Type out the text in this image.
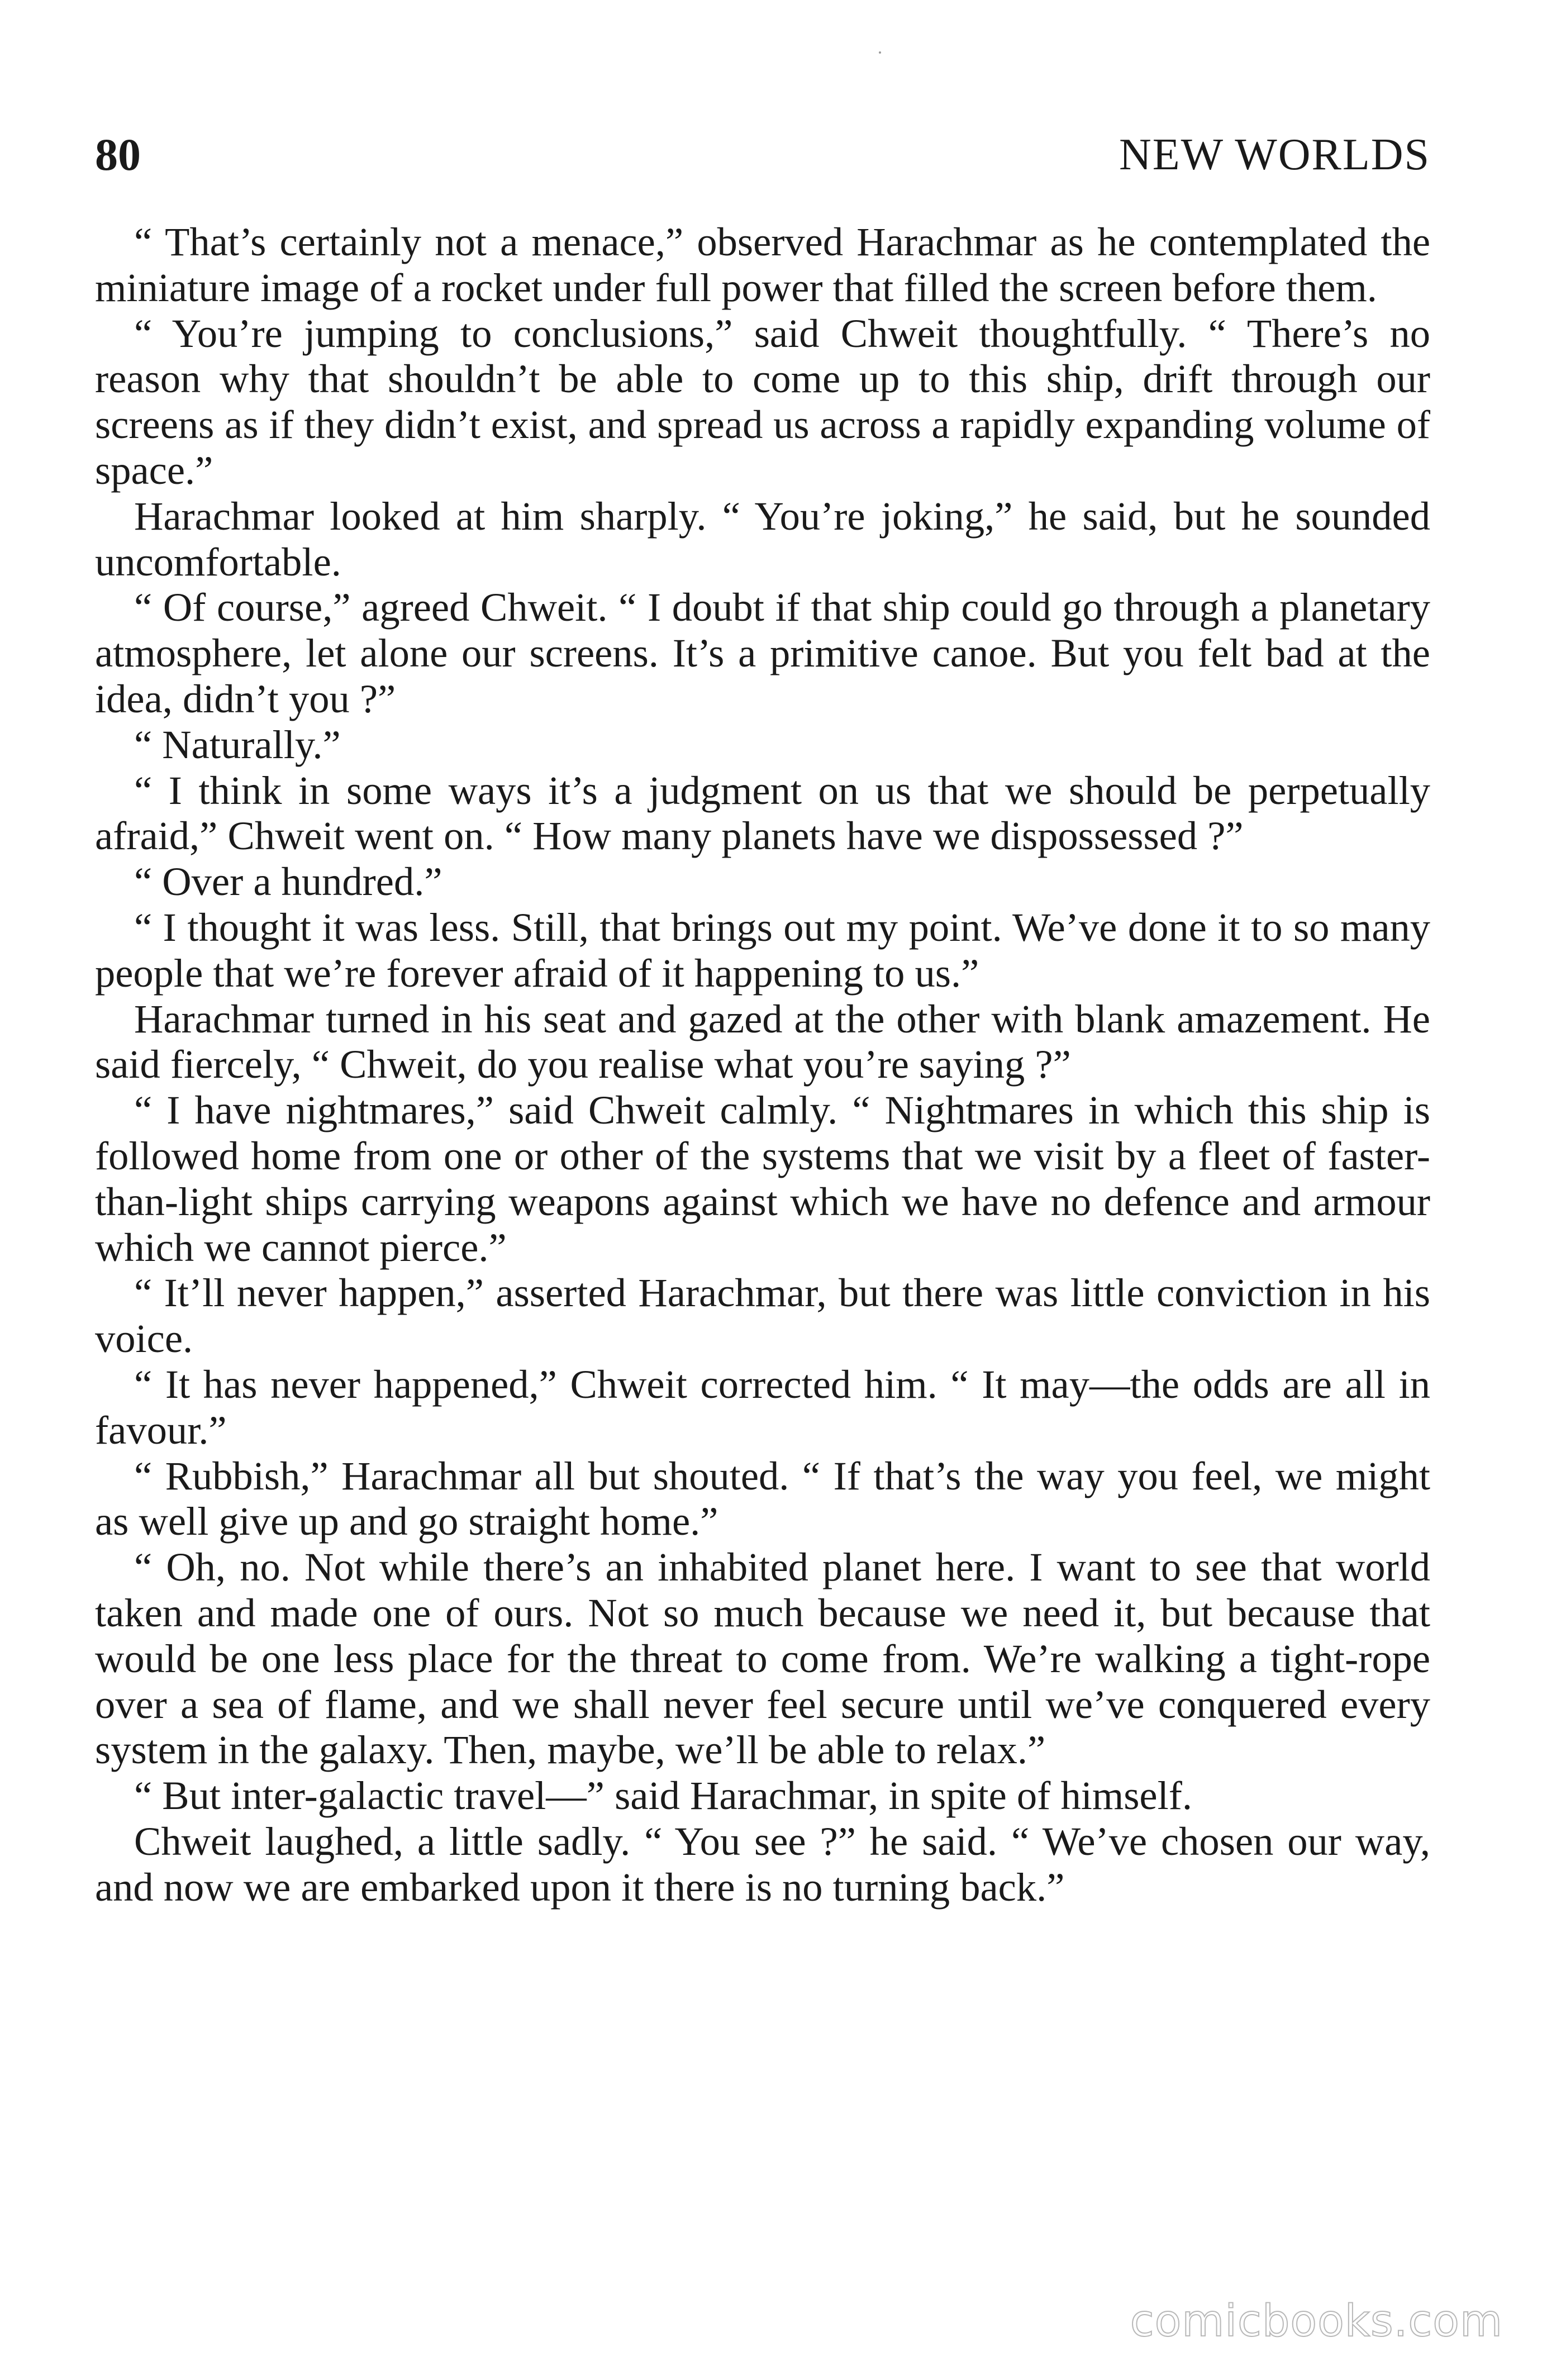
80	NEW WORLDS

“ That’s certainly not a menace,” observed Harachmar as he contemplated the miniature image of a rocket under full power that filled the screen before them.

“ You’re jumping to conclusions,” said Chweit thoughtfully. “ There’s no reason why that shouldn’t be able to come up to this ship, drift through our screens as if they didn’t exist, and spread us across a rapidly expanding volume of space.”

Harachmar looked at him sharply. “ You’re joking,” he said, but he sounded uncomfortable.

“ Of course,” agreed Chweit. “ I doubt if that ship could go through a planetary atmosphere, let alone our screens. It’s a primitive canoe. But you felt bad at the idea, didn’t you ?”

“ Naturally.”

“ I think in some ways it’s a judgment on us that we should be perpetually afraid,” Chweit went on. “ How many planets have we dispossessed ?”

“ Over a hundred.”

“ I thought it was less. Still, that brings out my point. We’ve done it to so many people that we’re forever afraid of it happening to us.”

Harachmar turned in his seat and gazed at the other with blank amazement. He said fiercely, “ Chweit, do you realise what you’re saying ?”

“ I have nightmares,” said Chweit calmly. “ Nightmares in which this ship is followed home from one or other of the systems that we visit by a fleet of faster-than-light ships carrying weapons against which we have no defence and armour which we cannot pierce.”

“ It’ll never happen,” asserted Harachmar, but there was little conviction in his voice.

“ It has never happened,” Chweit corrected him. “ It may—the odds are all in favour.”

“ Rubbish,” Harachmar all but shouted. “ If that’s the way you feel, we might as well give up and go straight home.”

“ Oh, no. Not while there’s an inhabited planet here. I want to see that world taken and made one of ours. Not so much because we need it, but because that would be one less place for the threat to come from. We’re walking a tight-rope over a sea of flame, and we shall never feel secure until we’ve conquered every system in the galaxy. Then, maybe, we’ll be able to relax.”

“ But inter-galactic travel—” said Harachmar, in spite of himself.

Chweit laughed, a little sadly. “ You see ?” he said. “ We’ve chosen our way, and now we are embarked upon it there is no turning back.”

comicbooks.com
